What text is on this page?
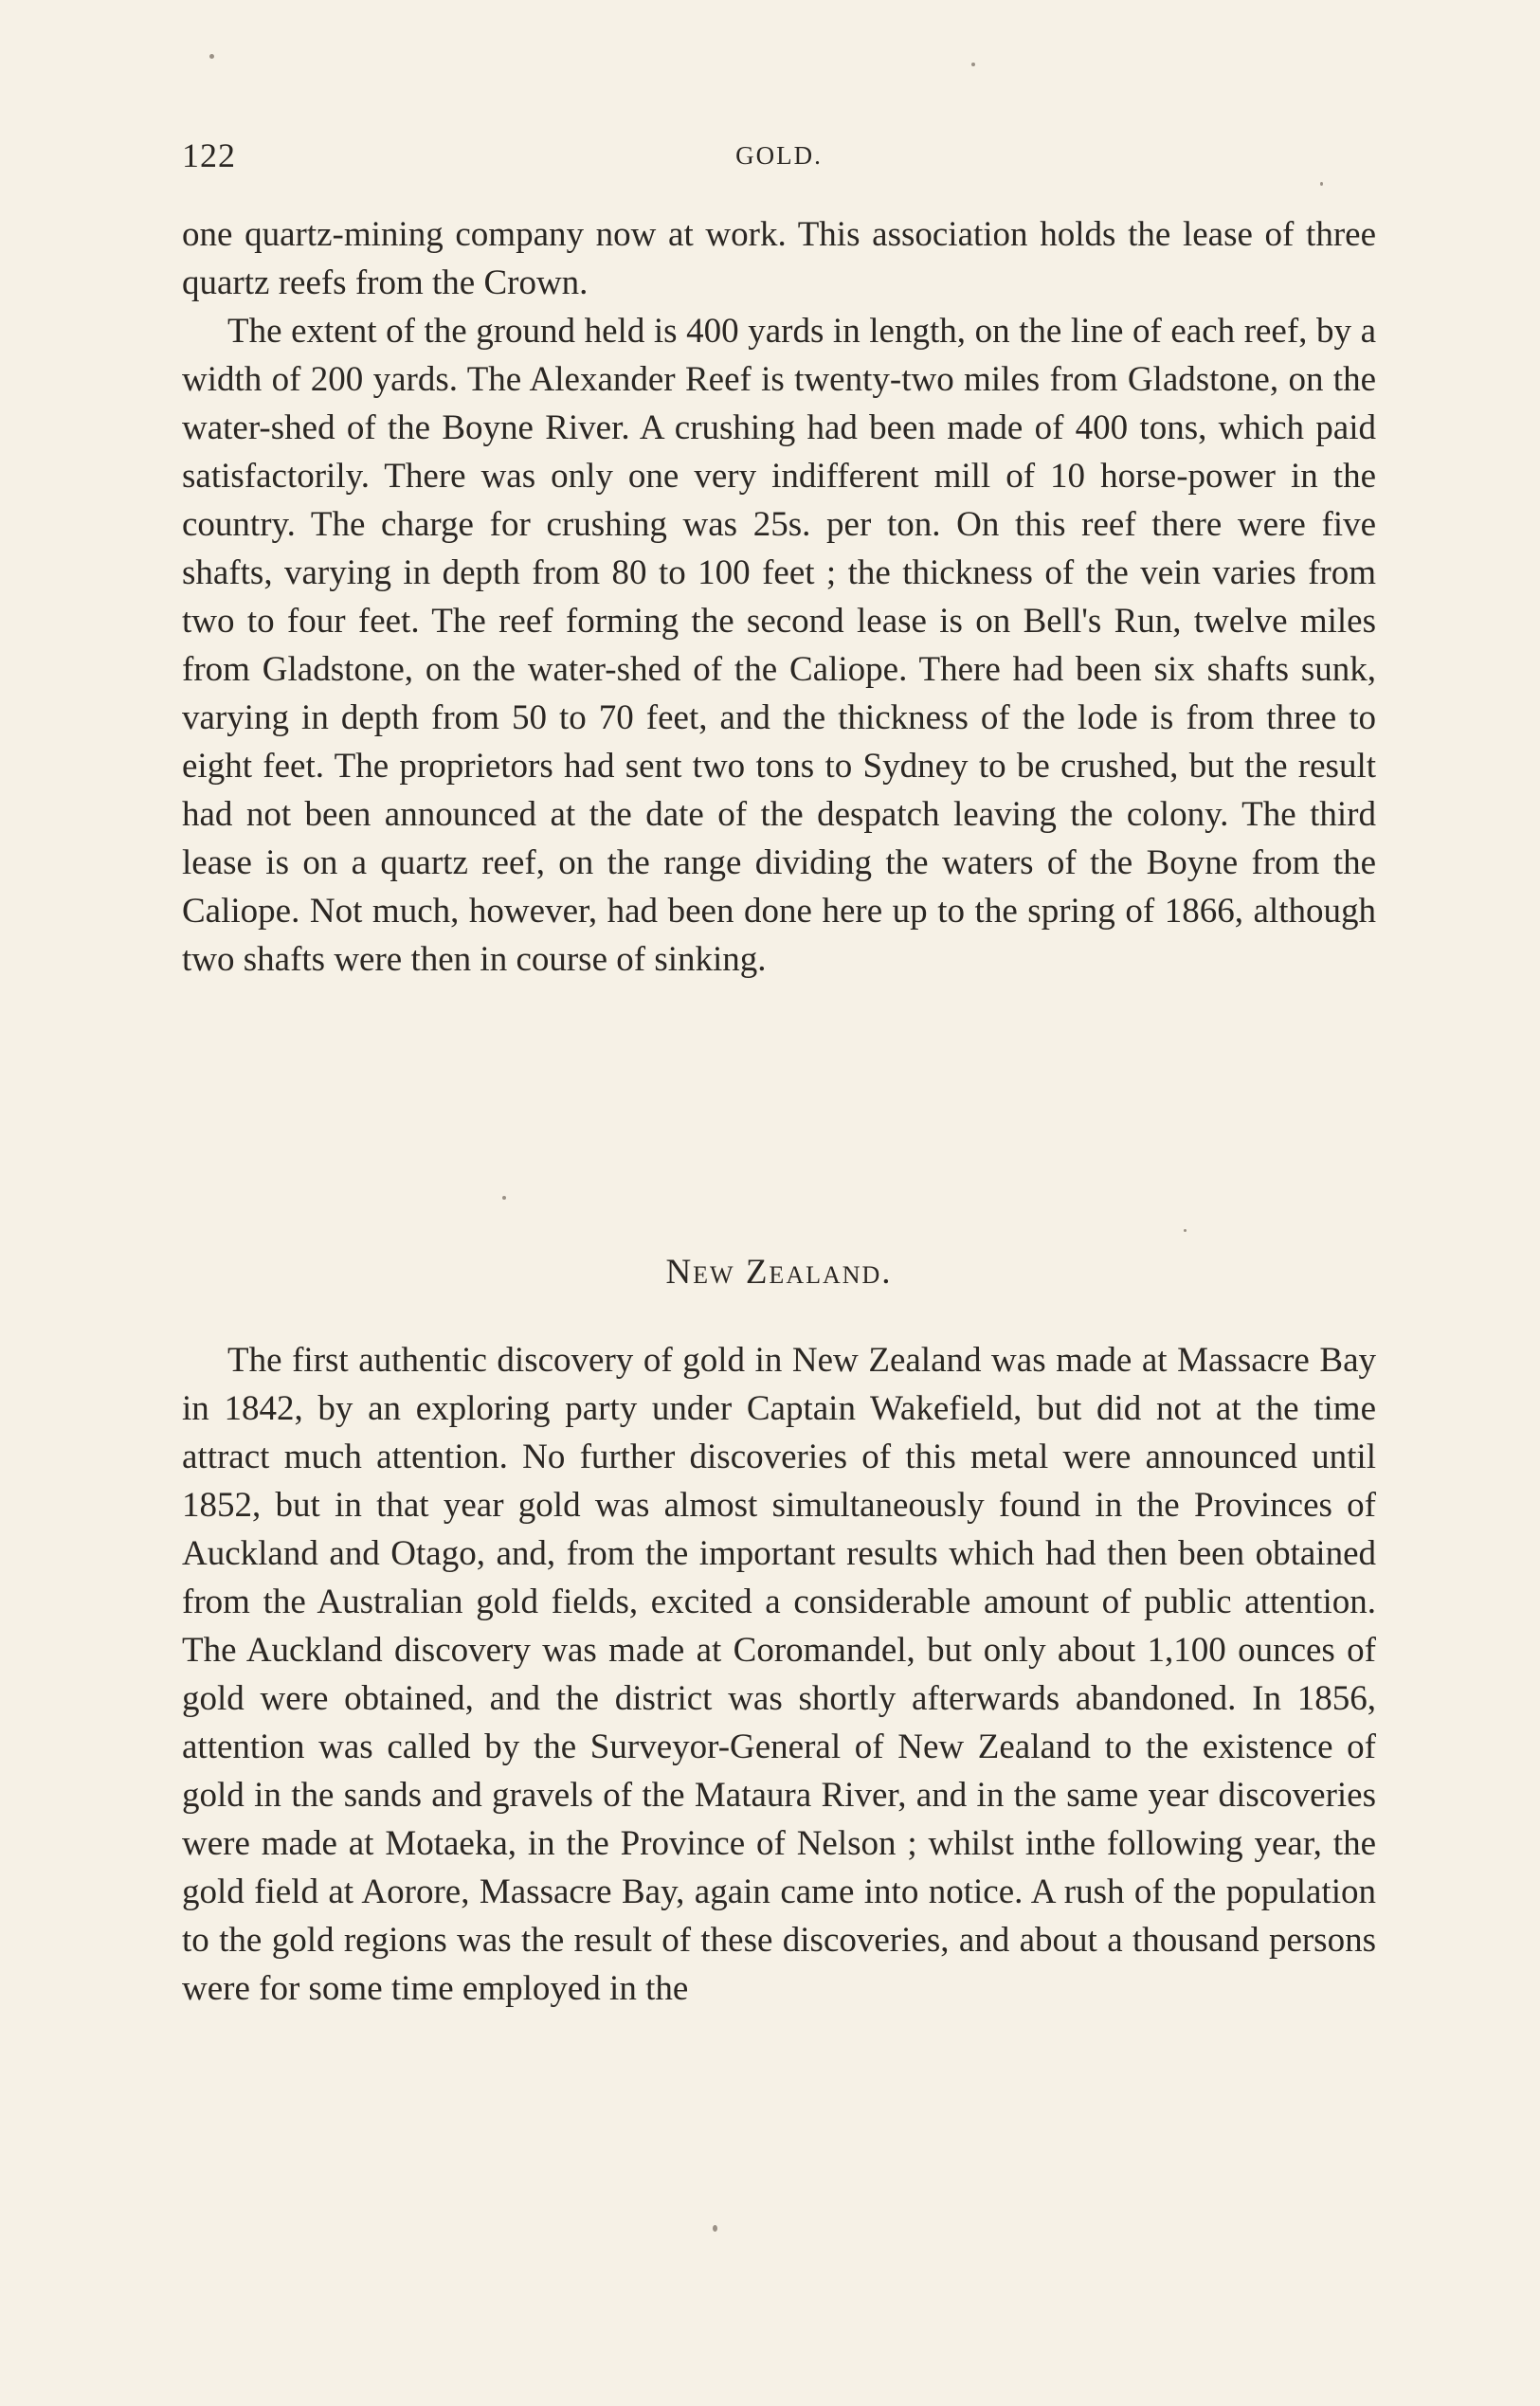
122	GOLD.

one quartz-mining company now at work. This association holds the lease of three quartz reefs from the Crown.

The extent of the ground held is 400 yards in length, on the line of each reef, by a width of 200 yards. The Alexander Reef is twenty-two miles from Gladstone, on the water-shed of the Boyne River. A crushing had been made of 400 tons, which paid satisfactorily. There was only one very indifferent mill of 10 horse-power in the country. The charge for crushing was 25s. per ton. On this reef there were five shafts, varying in depth from 80 to 100 feet ; the thickness of the vein varies from two to four feet. The reef forming the second lease is on Bell's Run, twelve miles from Gladstone, on the water-shed of the Caliope. There had been six shafts sunk, varying in depth from 50 to 70 feet, and the thickness of the lode is from three to eight feet. The proprietors had sent two tons to Sydney to be crushed, but the result had not been announced at the date of the despatch leaving the colony. The third lease is on a quartz reef, on the range dividing the waters of the Boyne from the Caliope. Not much, however, had been done here up to the spring of 1866, although two shafts were then in course of sinking.

New Zealand.

The first authentic discovery of gold in New Zealand was made at Massacre Bay in 1842, by an exploring party under Captain Wakefield, but did not at the time attract much attention. No further discoveries of this metal were announced until 1852, but in that year gold was almost simultaneously found in the Provinces of Auckland and Otago, and, from the important results which had then been obtained from the Australian gold fields, excited a considerable amount of public attention. The Auckland discovery was made at Coromandel, but only about 1,100 ounces of gold were obtained, and the district was shortly afterwards abandoned. In 1856, attention was called by the Surveyor-General of New Zealand to the existence of gold in the sands and gravels of the Mataura River, and in the same year discoveries were made at Motaeka, in the Province of Nelson ; whilst inthe following year, the gold field at Aorore, Massacre Bay, again came into notice. A rush of the population to the gold regions was the result of these discoveries, and about a thousand persons were for some time employed in the
